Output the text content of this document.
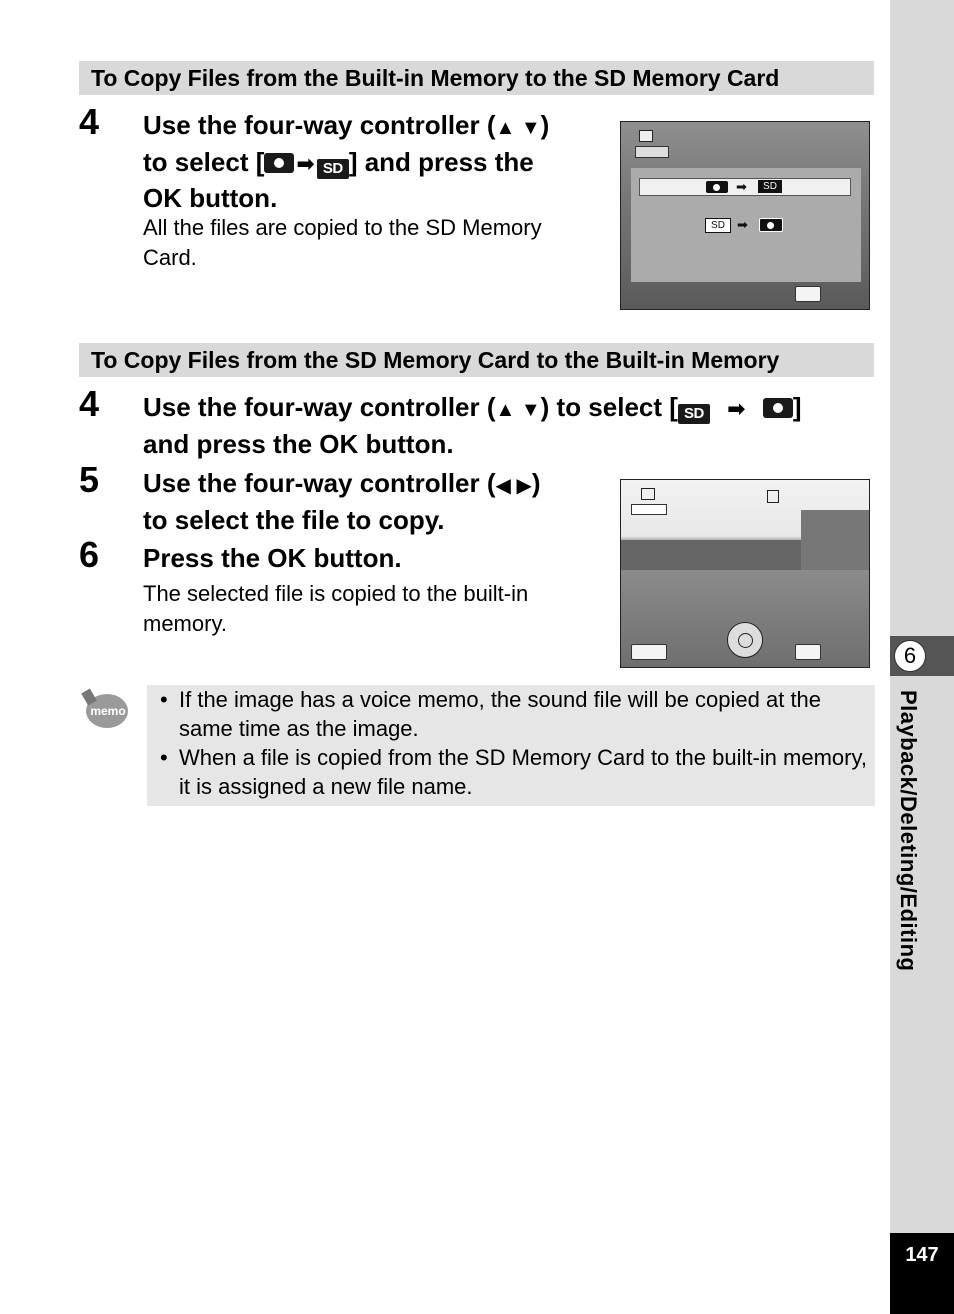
To Copy Files from the Built-in Memory to the SD Memory Card
4 Use the four-way controller (▲ ▼)
to select [ ➡ SD ] and press the
OK button.
All the files are copied to the SD Memory
Card.
➡	SD
SD ➡
To Copy Files from the SD Memory Card to the Built-in Memory
4 Use the four-way controller (▲ ▼) to select [ SD ➡ ]
and press the OK button.
5 Use the four-way controller (◀ ▶)
to select the file to copy.
6 Press the OK button.
The selected file is copied to the built-in
memory.
memo • If the image has a voice memo, the sound file will be copied at the same time as the image.
• When a file is copied from the SD Memory Card to the built-in memory, it is assigned a new file name.
6
Playback/Deleting/Editing
147
